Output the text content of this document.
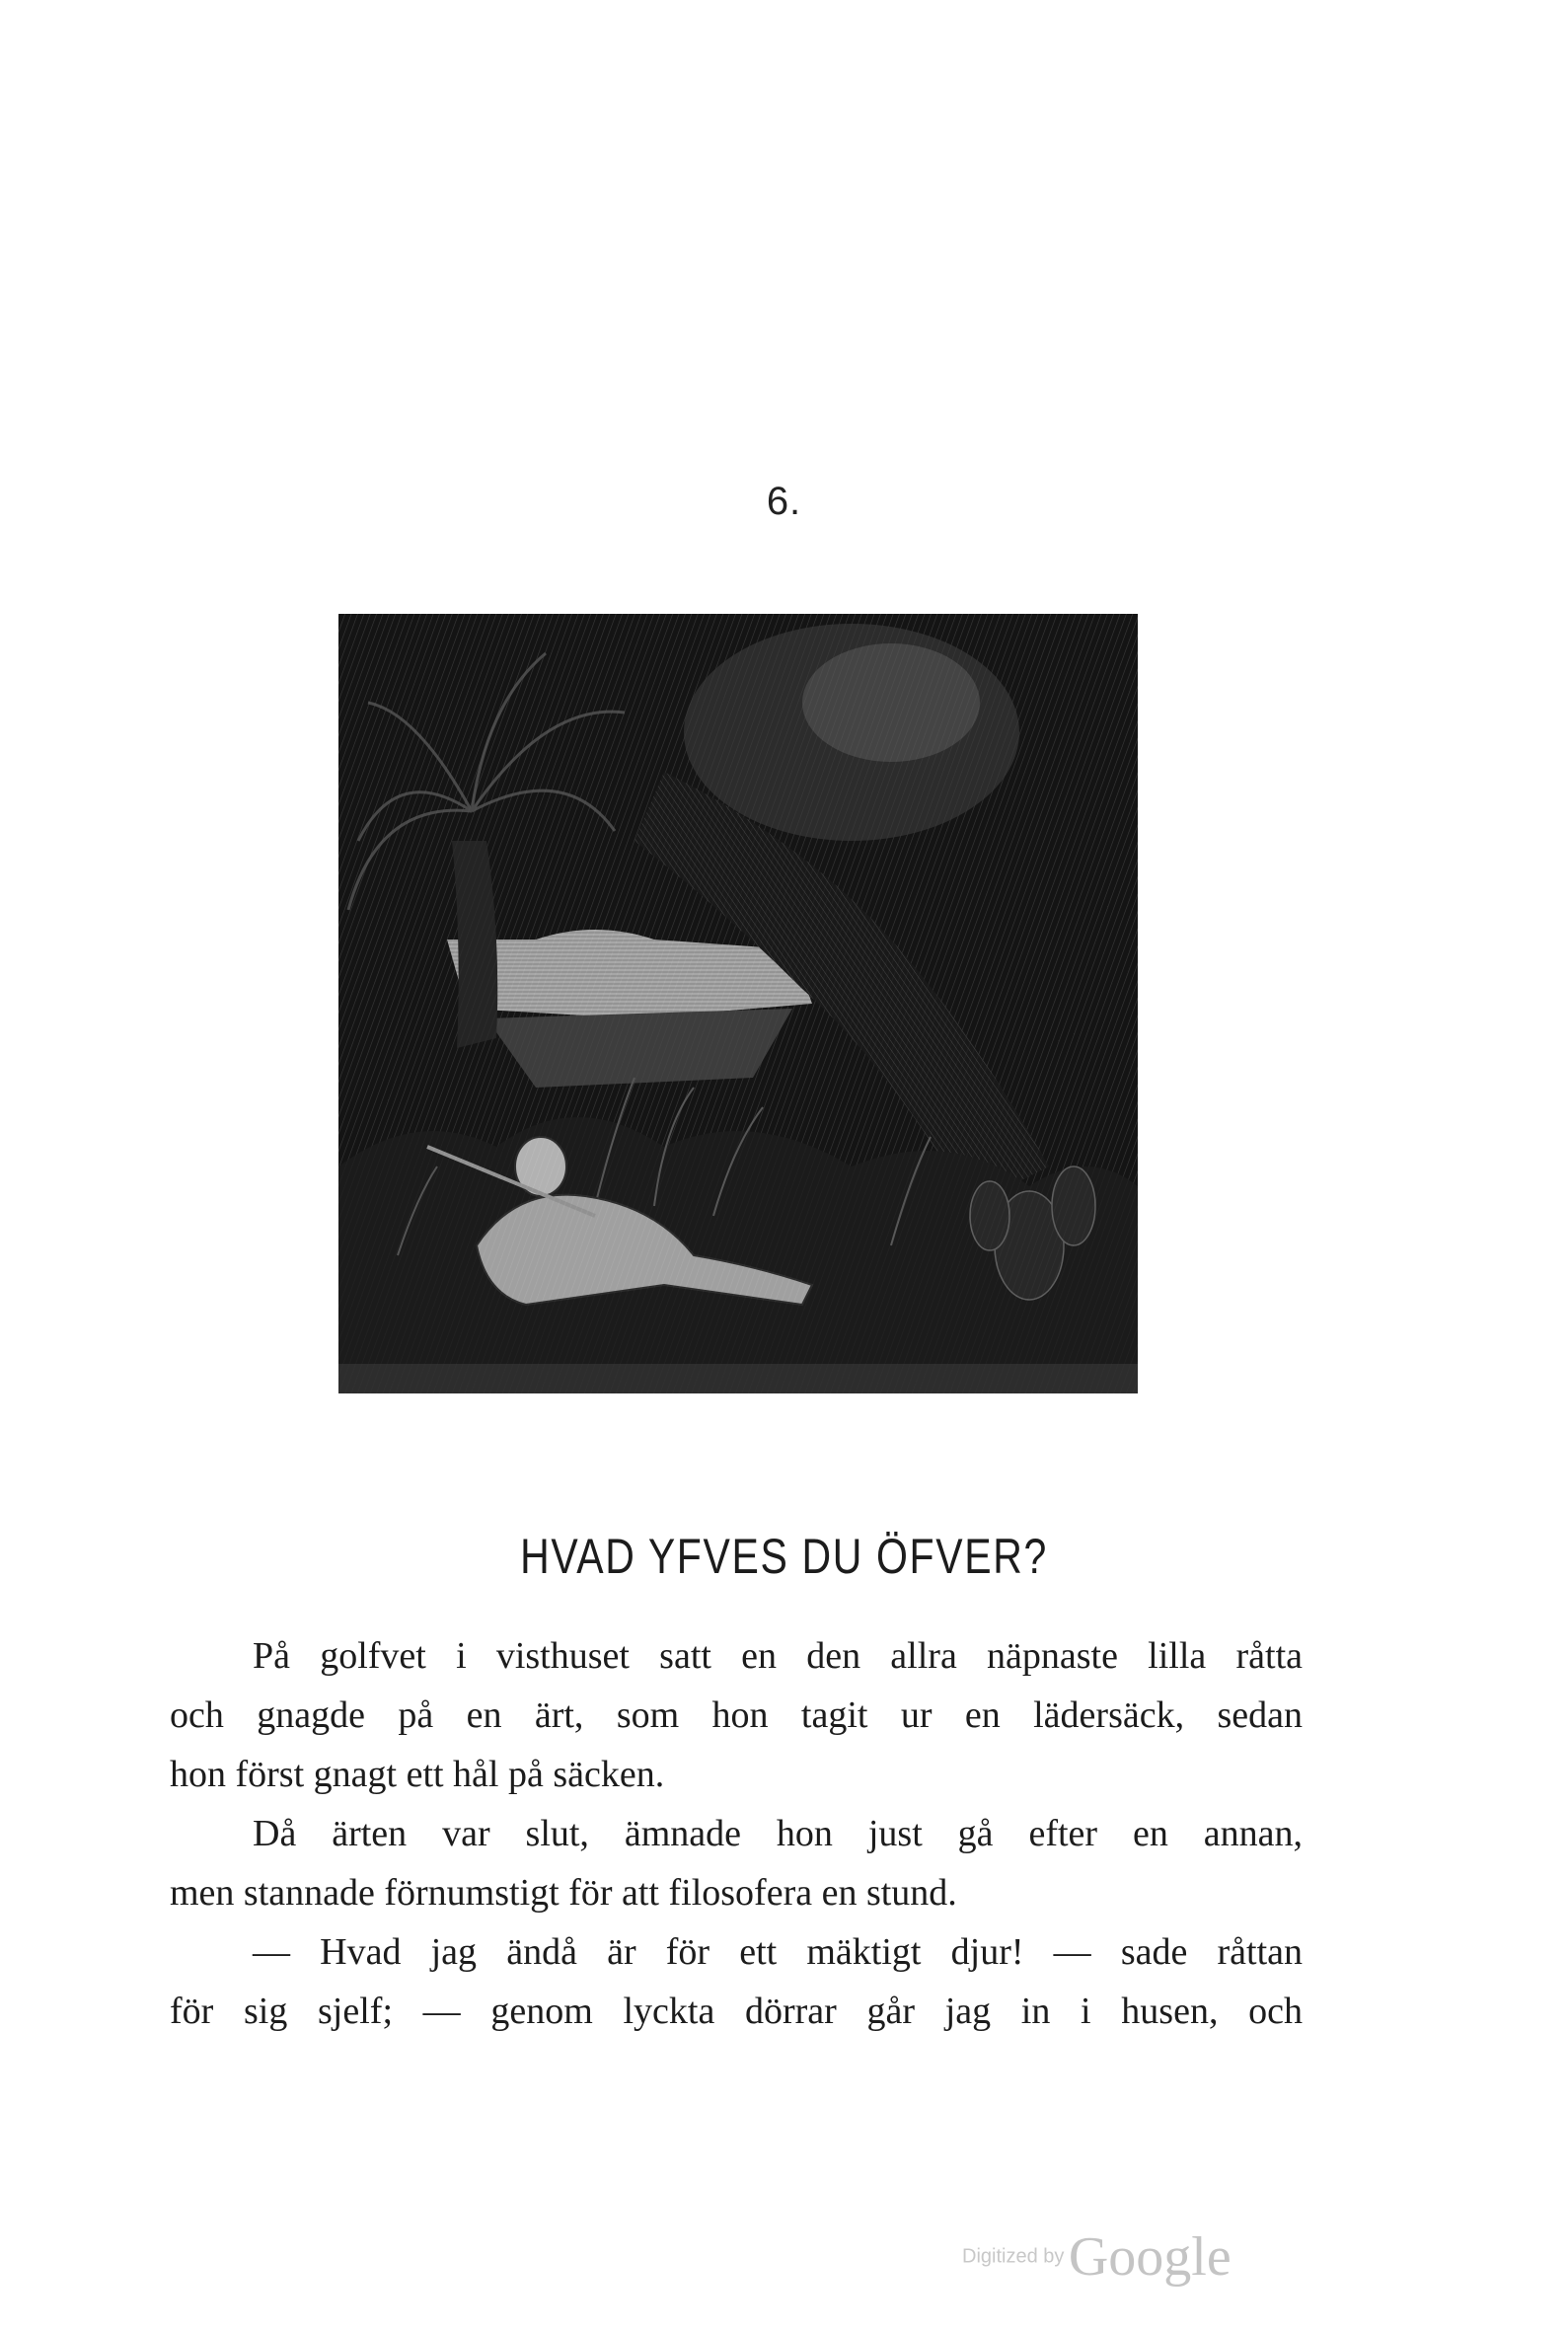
6.
HVAD YFVES DU ÖFVER?

På golfvet i visthuset satt en den allra näpnaste lilla råtta
och gnagde på en ärt, som hon tagit ur en lädersäck, sedan
hon först gnagt ett hål på säcken.

Då ärten var slut, ämnade hon just gå efter en annan,
men stannade förnumstigt för att filosofera en stund.

— Hvad jag ändå är för ett mäktigt djur! — sade råttan
för sig sjelf; — genom lyckta dörrar går jag in i husen, och

Digitized by Google
